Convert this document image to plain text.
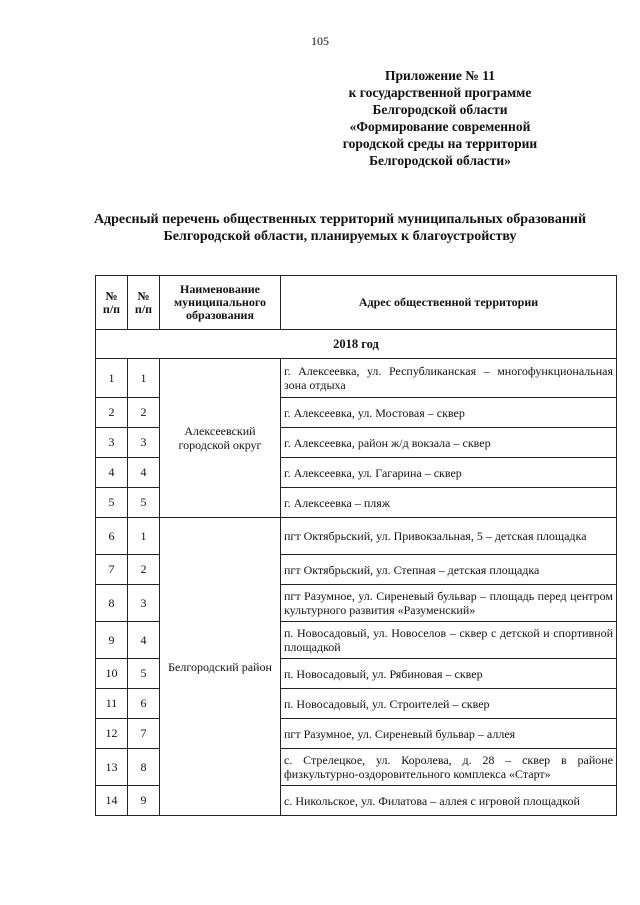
105
Приложение № 11
к государственной программе
Белгородской области
«Формирование современной
городской среды на территории
Белгородской области»
Адресный перечень общественных территорий муниципальных образований
Белгородской области, планируемых к благоустройству
№ п/п	№ п/п	Наименование муниципального образования	Адрес общественной территории
2018 год			
1	1	Алексеевский городской округ	г. Алексеевка, ул. Республиканская – многофункциональная зона отдыха
2	2		г. Алексеевка, ул. Мостовая – сквер
3	3		г. Алексеевка, район ж/д вокзала – сквер
4	4		г. Алексеевка, ул. Гагарина – сквер
5	5		г. Алексеевка – пляж
6	1	Белгородский район	пгт Октябрьский, ул. Привокзальная, 5 – детская площадка
7	2		пгт Октябрьский, ул. Степная – детская площадка
8	3		пгт Разумное, ул. Сиреневый бульвар – площадь перед центром культурного развития «Разуменский»
9	4		п. Новосадовый, ул. Новоселов – сквер с детской и спортивной площадкой
10	5		п. Новосадовый, ул. Рябиновая – сквер
11	6		п. Новосадовый, ул. Строителей – сквер
12	7		пгт Разумное, ул. Сиреневый бульвар – аллея
13	8		с. Стрелецкое, ул. Королева, д. 28 – сквер в районе физкультурно-оздоровительного комплекса «Старт»
14	9		с. Никольское, ул. Филатова – аллея с игровой площадкой
